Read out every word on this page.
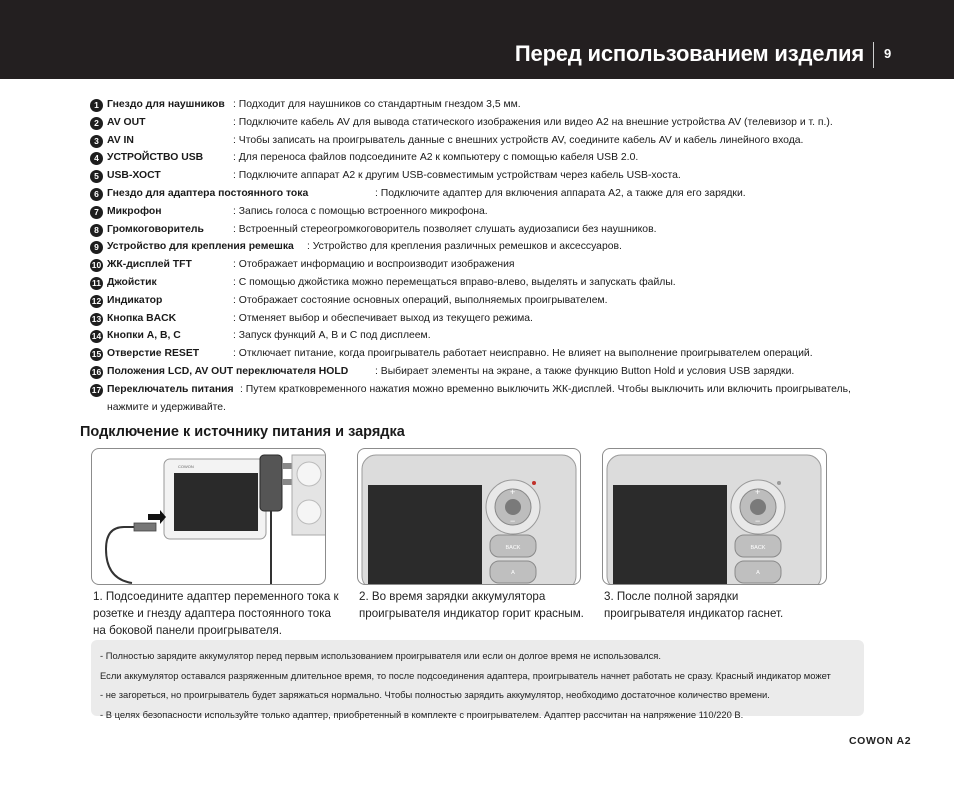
Перед использованием изделия 9
1 Гнездо для наушников : Подходит для наушников со стандартным гнездом 3,5 мм.
2 AV OUT	: Подключите кабель AV для вывода статического изображения или видео A2 на внешние устройства AV (телевизор и т. п.).
3 AV IN	: Чтобы записать на проигрыватель данные с внешних устройств AV, соедините кабель AV и кабель линейного входа.
4 УСТРОЙСТВО USB	: Для переноса файлов подсоедините A2 к компьютеру с помощью кабеля USB 2.0.
5 USB-ХОСТ	: Подключите аппарат A2 к другим USB-совместимым устройствам через кабель USB-хоста.
6 Гнездо для адаптера постоянного тока	: Подключите адаптер для включения аппарата A2, а также для его зарядки.
7 Микрофон	: Запись голоса с помощью встроенного микрофона.
8 Громкоговоритель	: Встроенный стереогромкоговоритель позволяет слушать аудиозаписи без наушников.
9 Устройство для крепления ремешка : Устройство для крепления различных ремешков и аксессуаров.
10 ЖК-дисплей TFT	: Отображает информацию и воспроизводит изображения
11 Джойстик	: С помощью джойстика можно перемещаться вправо-влево, выделять и запускать файлы.
12 Индикатор	: Отображает состояние основных операций, выполняемых проигрывателем.
13 Кнопка BACK	: Отменяет выбор и обеспечивает выход из текущего режима.
14 Кнопки A, B, C	: Запуск функций A, B и C под дисплеем.
15 Отверстие RESET	: Отключает питание, когда проигрыватель работает неисправно. Не влияет на выполнение проигрывателем операций.
16 Положения LCD, AV OUT переключателя HOLD	: Выбирает элементы на экране, а также функцию Button Hold и условия USB зарядки.
17 Переключатель питания : Путем кратковременного нажатия можно временно выключить ЖК-дисплей. Чтобы выключить или включить проигрыватель,
нажмите и удерживайте.
Подключение к источнику питания и зарядка
COWON
+
−
BACK
A
+
−
BACK
A
1. Подсоедините адаптер переменного тока к
розетке и гнезду адаптера постоянного тока
на боковой панели проигрывателя.
2. Во время зарядки аккумулятора
проигрывателя индикатор горит красным.
3. После полной зарядки
проигрывателя индикатор гаснет.

- Полностью зарядите аккумулятор перед первым использованием проигрывателя или если он долгое время не использовался.

Если аккумулятор оставался разряженным длительное время, то после подсоединения адаптера, проигрыватель начнет работать не сразу. Красный индикатор может

- не загореться, но проигрыватель будет заряжаться нормально. Чтобы полностью зарядить аккумулятор, необходимо достаточное количество времени.

- В целях безопасности используйте только адаптер, приобретенный в комплекте с проигрывателем. Адаптер рассчитан на напряжение 110/220 В.

COWON A2
